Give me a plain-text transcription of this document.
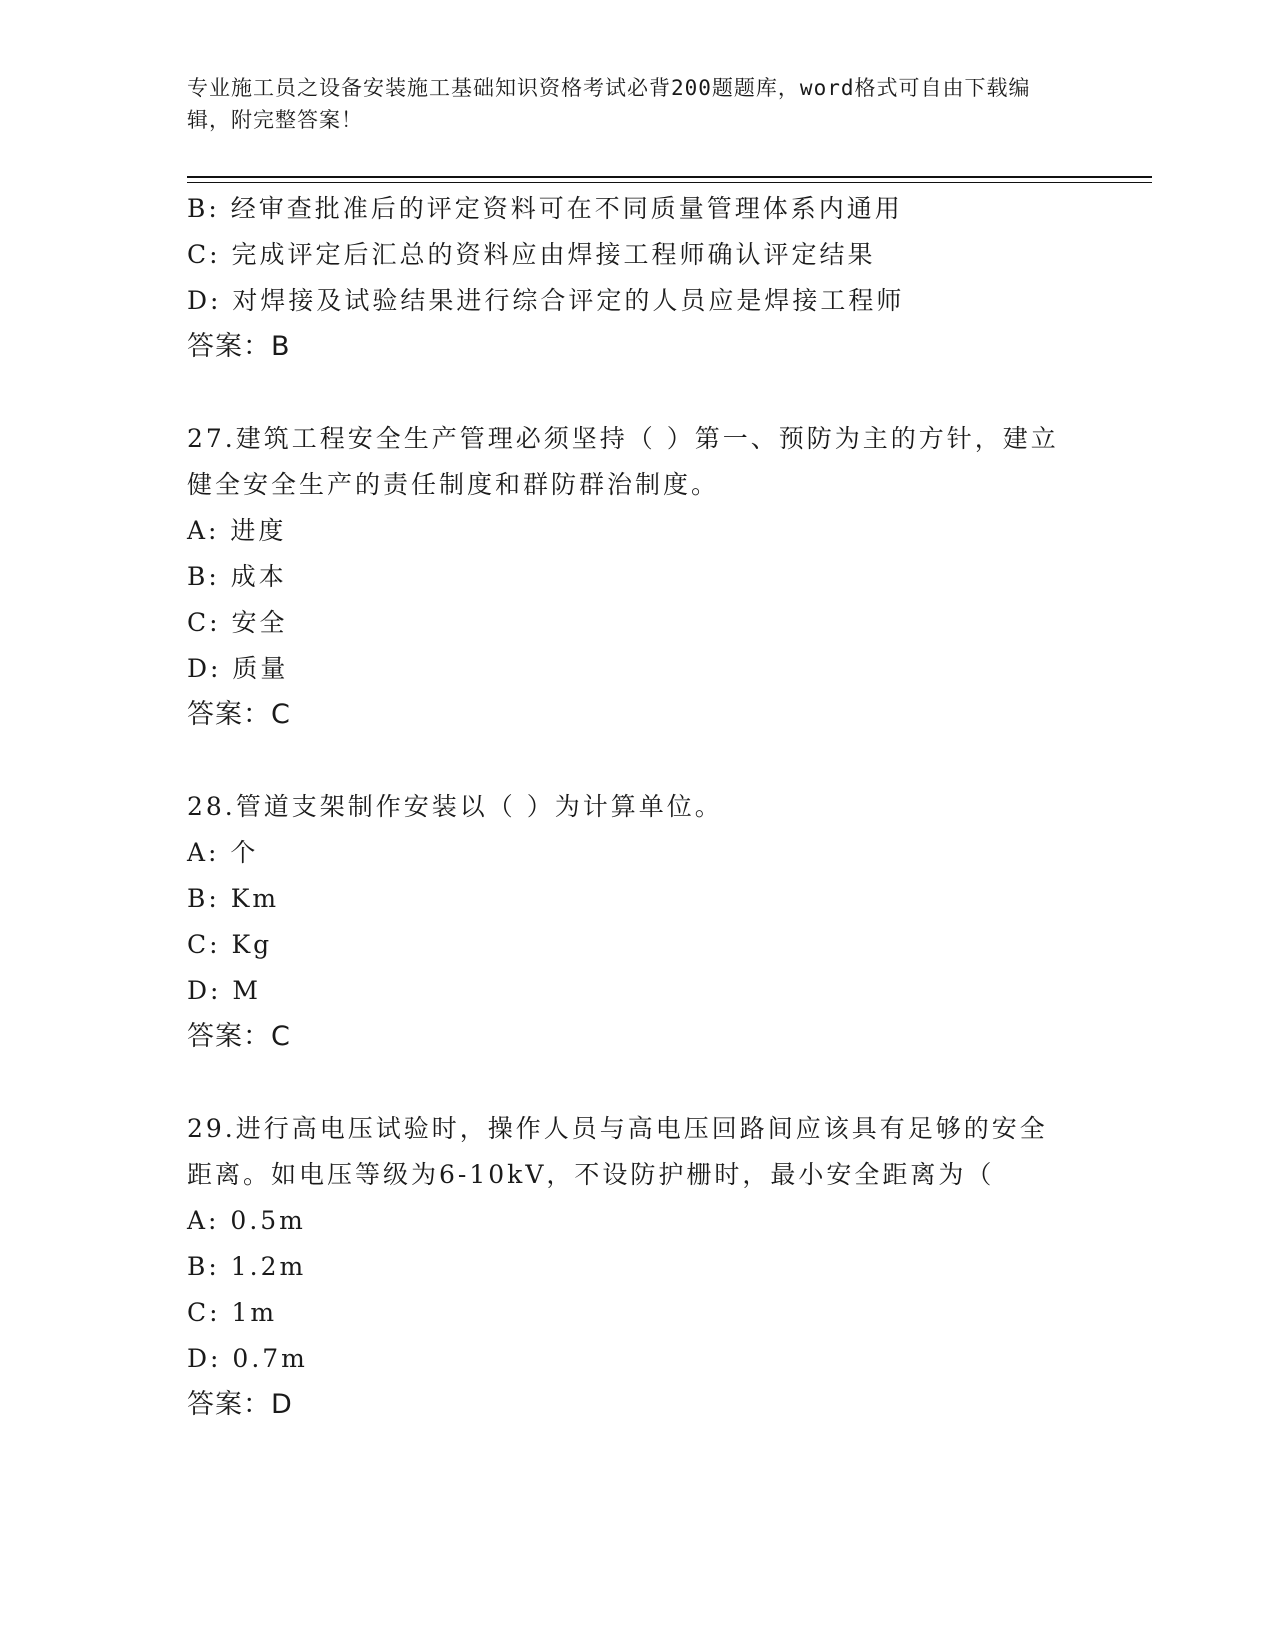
专业施工员之设备安装施工基础知识资格考试必背200题题库，word格式可自由下载编辑，附完整答案！
B: 经审查批准后的评定资料可在不同质量管理体系内通用
C: 完成评定后汇总的资料应由焊接工程师确认评定结果
D: 对焊接及试验结果进行综合评定的人员应是焊接工程师
答案：B
27.建筑工程安全生产管理必须坚持（ ）第一、预防为主的方针，建立健全安全生产的责任制度和群防群治制度。
A: 进度
B: 成本
C: 安全
D: 质量
答案：C
28.管道支架制作安装以（ ）为计算单位。
A: 个
B: Km
C: Kg
D: M
答案：C
29.进行高电压试验时，操作人员与高电压回路间应该具有足够的安全距离。如电压等级为6-10kV，不设防护栅时，最小安全距离为（
A: 0.5m
B: 1.2m
C: 1m
D: 0.7m
答案：D
